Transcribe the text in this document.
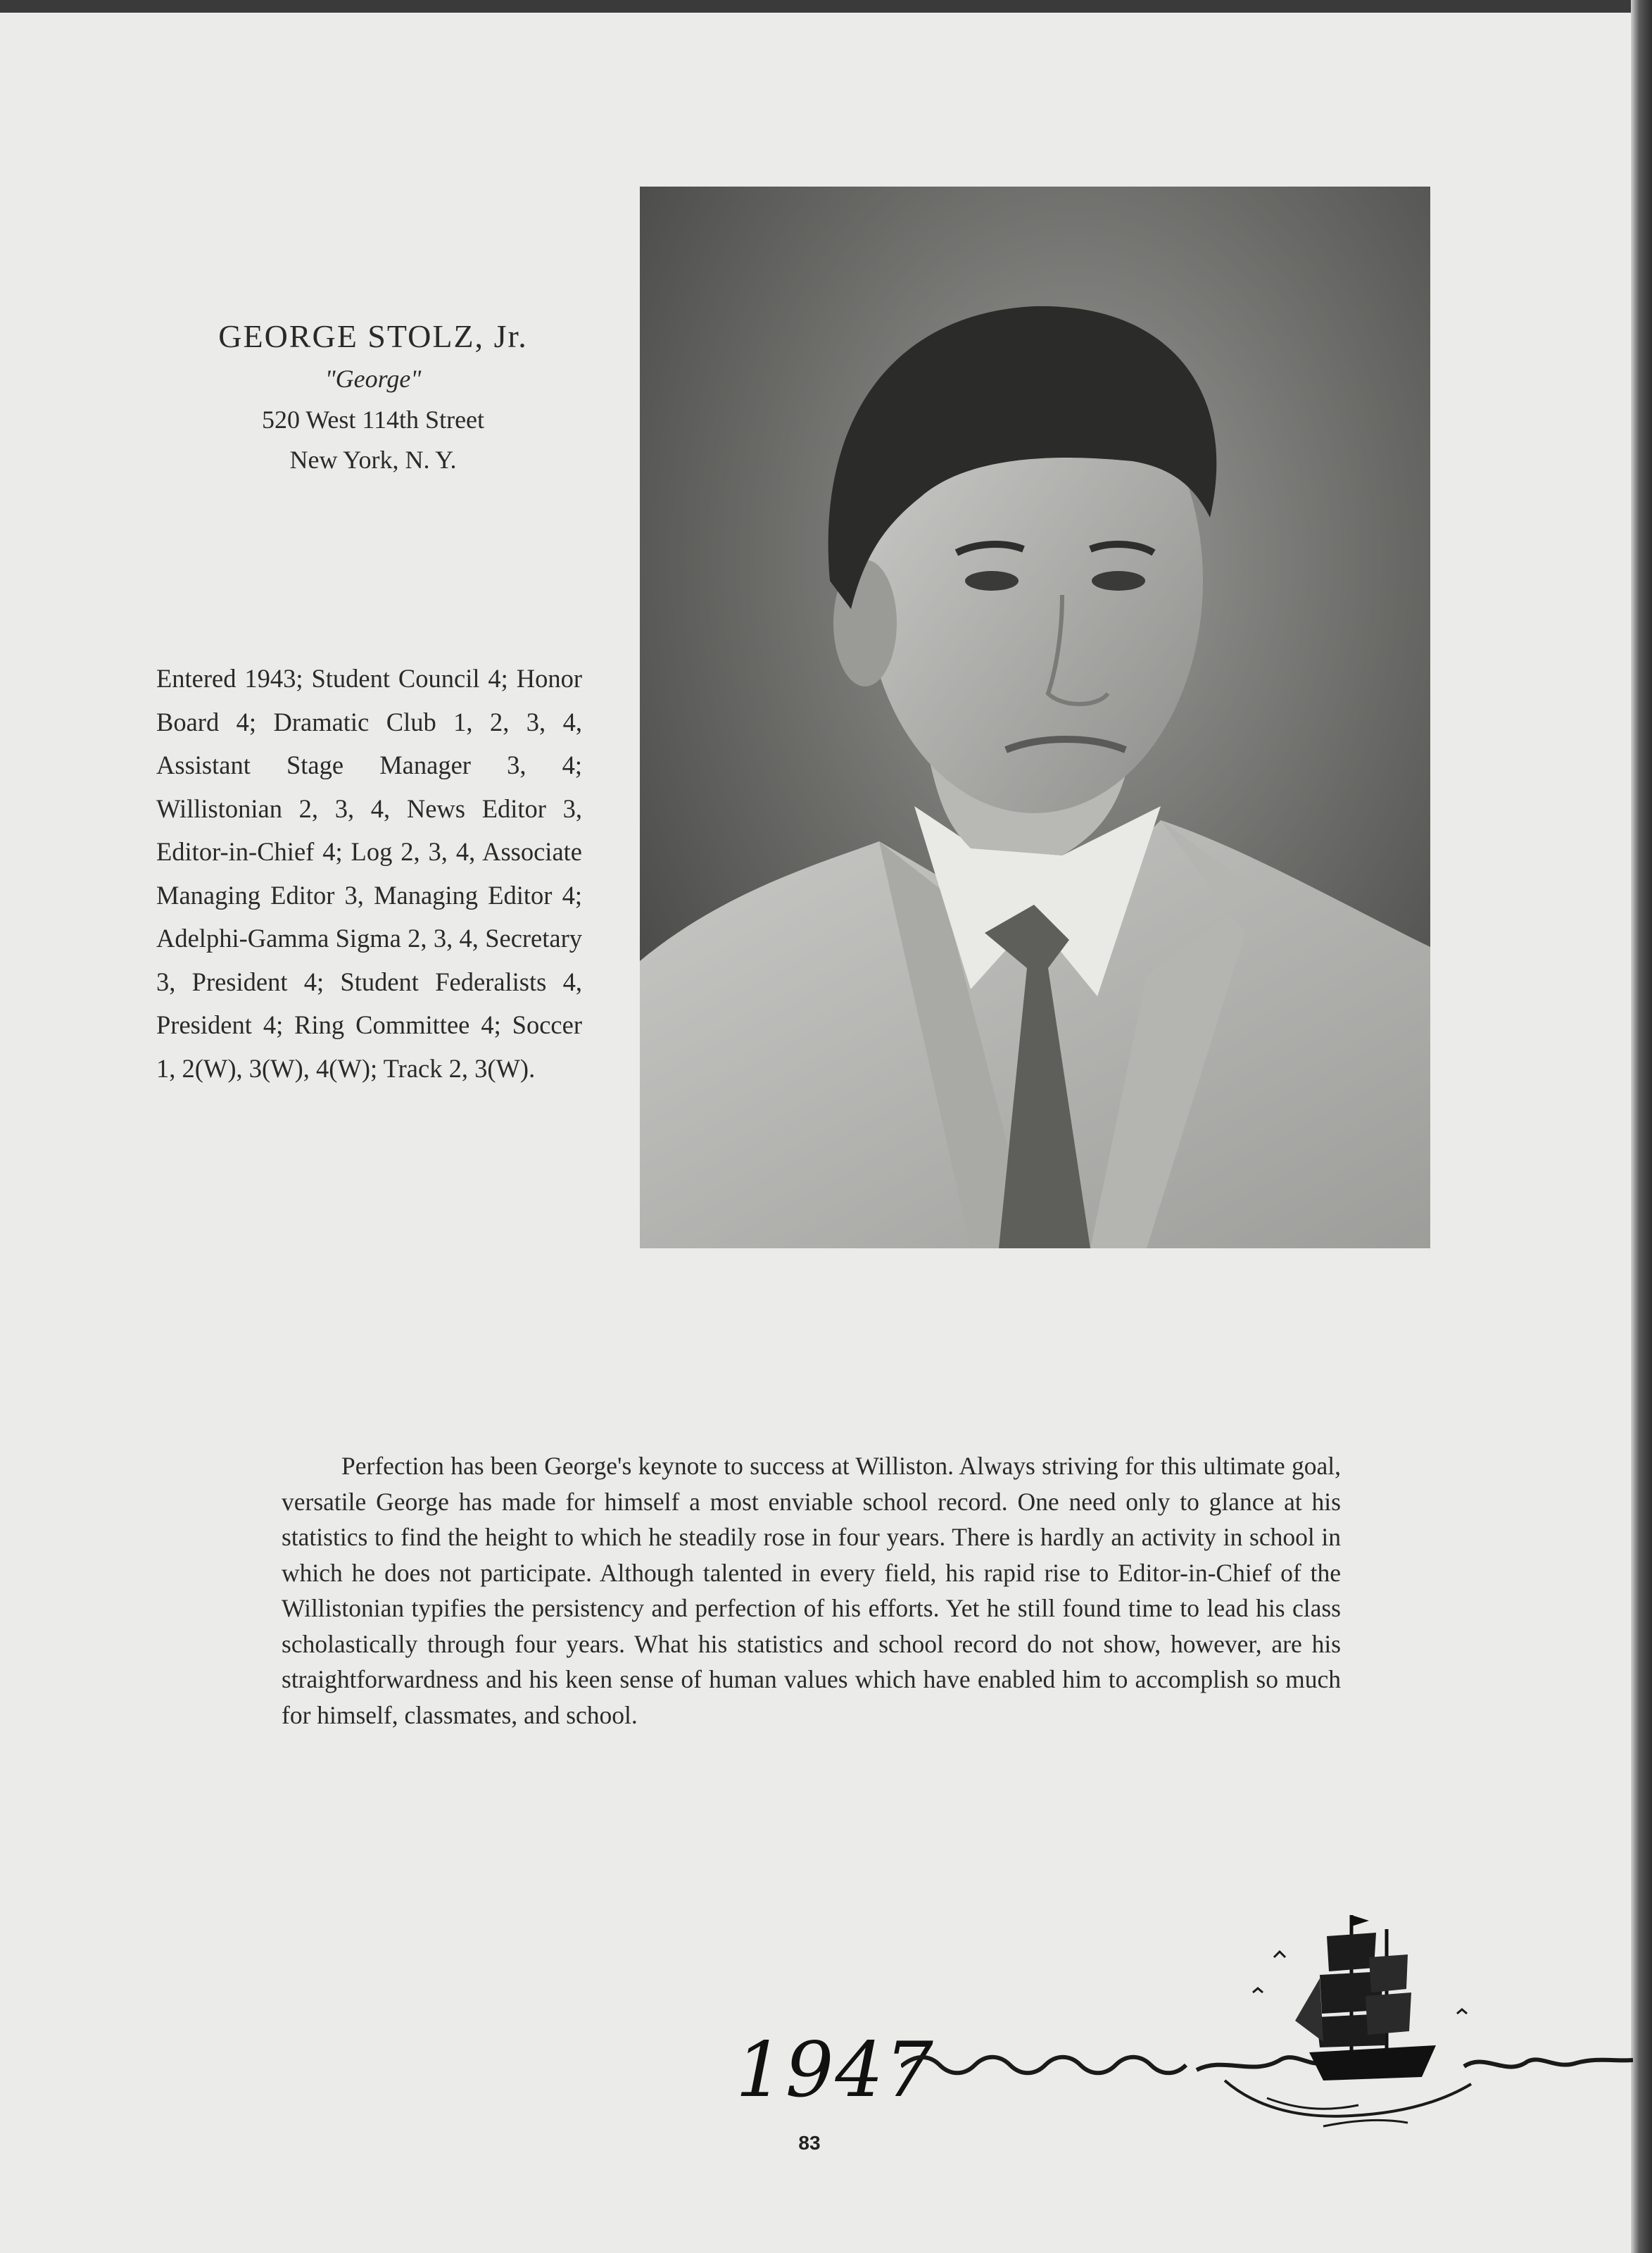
GEORGE STOLZ, Jr.
"George"
520 West 114th Street
New York, N. Y.
Entered 1943; Student Council 4; Honor Board 4; Dramatic Club 1, 2, 3, 4, Assistant Stage Manager 3, 4; Willistonian 2, 3, 4, News Editor 3, Editor-in-Chief 4; Log 2, 3, 4, Associate Managing Editor 3, Managing Editor 4; Adelphi-Gamma Sigma 2, 3, 4, Secretary 3, President 4; Student Federalists 4, President 4; Ring Committee 4; Soccer 1, 2(W), 3(W), 4(W); Track 2, 3(W).

Perfection has been George's keynote to success at Williston. Always striving for this ultimate goal, versatile George has made for himself a most enviable school record. One need only to glance at his statistics to find the height to which he steadily rose in four years. There is hardly an activity in school in which he does not participate. Although talented in every field, his rapid rise to Editor-in-Chief of the Willistonian typifies the persistency and perfection of his efforts. Yet he still found time to lead his class scholastically through four years. What his statistics and school record do not show, however, are his straightforwardness and his keen sense of human values which have enabled him to accomplish so much for himself, classmates, and school.

1947
83
